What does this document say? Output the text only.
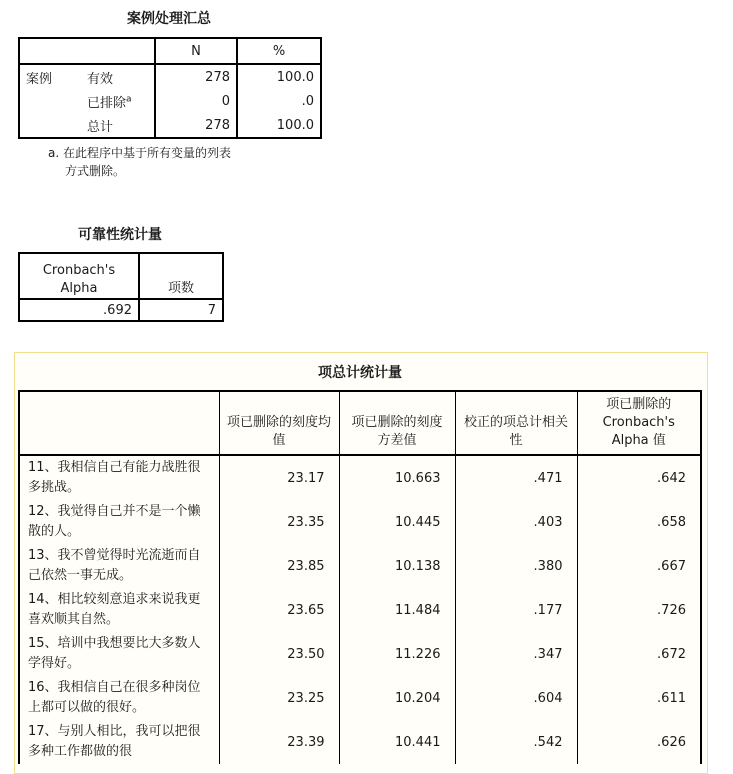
案例处理汇总
		N	%
案例	有效	278	100.0
	已排除$^a$	0	.0
	总计	278	100.0
a. 在此程序中基于所有变量的列表
方式删除。
可靠性统计量
Cronbach's
Alpha	项数
.692	7
项总计统计量
	项已删除的刻度均值	项已删除的刻度方差值	校正的项总计相关性	项已删除的 Cronbach's Alpha 值
11、我相信自己有能力战胜很多挑战。	23.17	10.663	.471	.642
12、我觉得自己并不是一个懒散的人。	23.35	10.445	.403	.658
13、我不曾觉得时光流逝而自己依然一事无成。	23.85	10.138	.380	.667
14、相比较刻意追求来说我更喜欢顺其自然。	23.65	11.484	.177	.726
15、培训中我想要比大多数人学得好。	23.50	11.226	.347	.672
16、我相信自己在很多种岗位上都可以做的很好。	23.25	10.204	.604	.611
17、与别人相比，我可以把很多种工作都做的很	23.39	10.441	.542	.626
